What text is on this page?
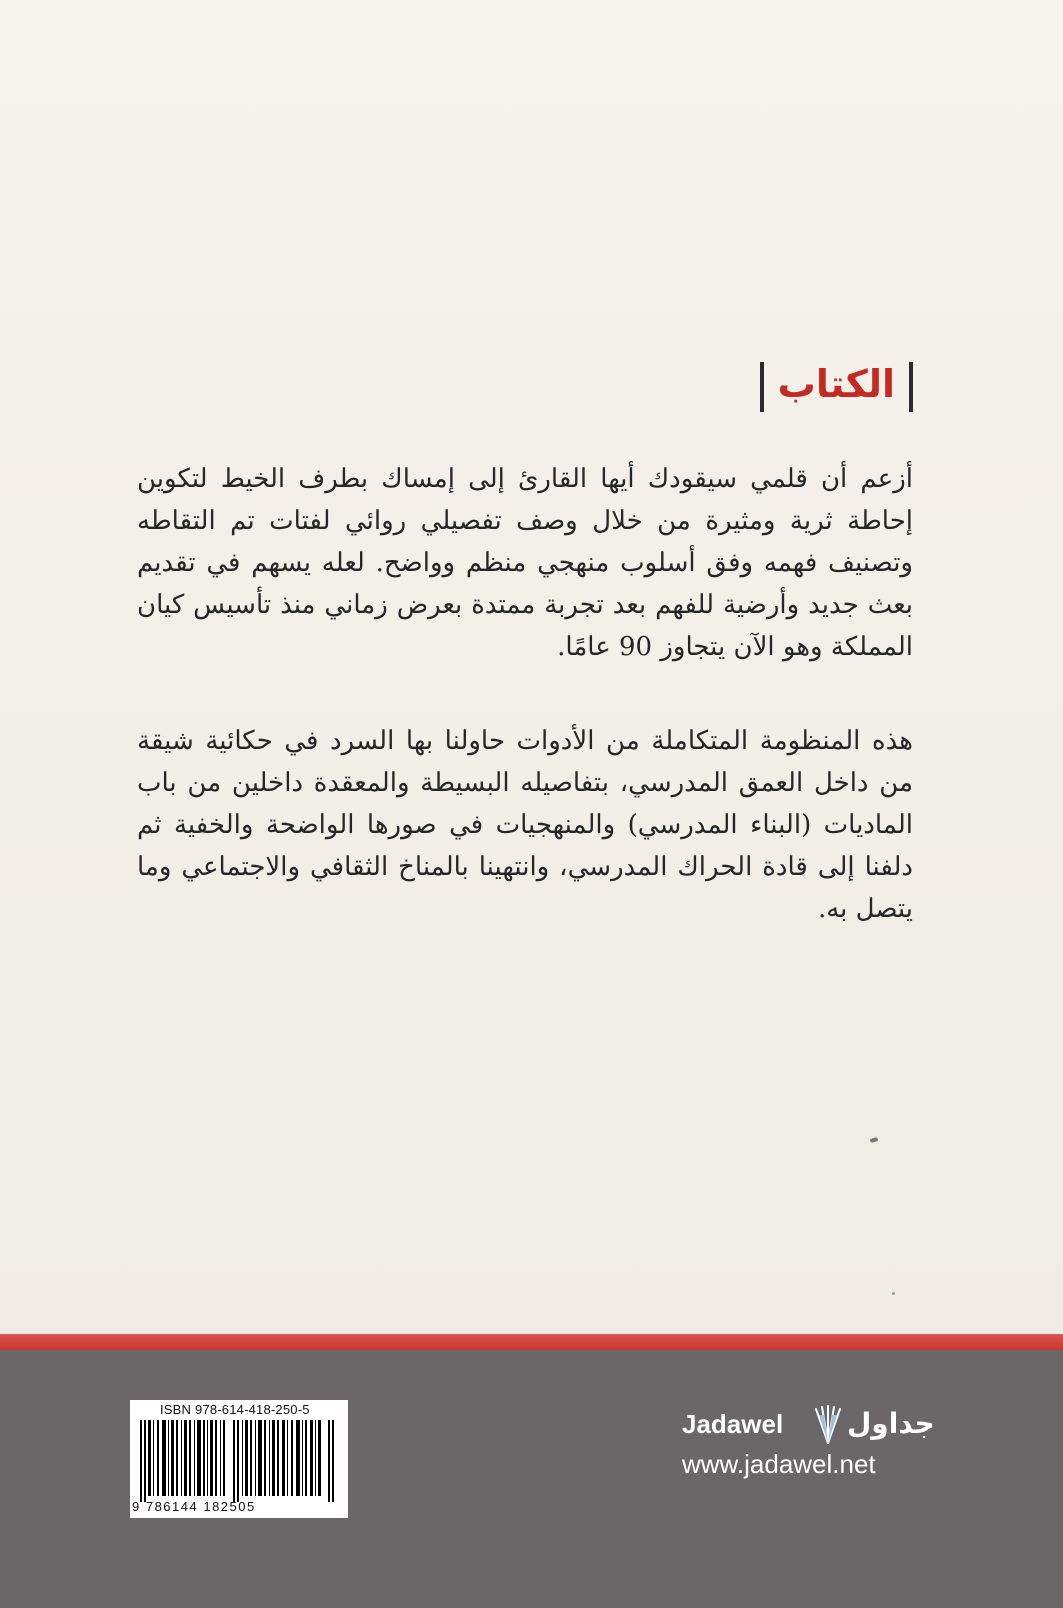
الكتاب

أزعم أن قلمي سيقودك أيها القارئ إلى إمساك بطرف الخيط لتكوين إحاطة ثرية ومثيرة من خلال وصف تفصيلي روائي لفتات تم التقاطه وتصنيف فهمه وفق أسلوب منهجي منظم وواضح. لعله يسهم في تقديم بعث جديد وأرضية للفهم بعد تجربة ممتدة بعرض زماني منذ تأسيس كيان المملكة وهو الآن يتجاوز 90 عامًا.

هذه المنظومة المتكاملة من الأدوات حاولنا بها السرد في حكائية شيقة من داخل العمق المدرسي، بتفاصيله البسيطة والمعقدة داخلين من باب الماديات (البناء المدرسي) والمنهجيات في صورها الواضحة والخفية ثم دلفنا إلى قادة الحراك المدرسي، وانتهينا بالمناخ الثقافي والاجتماعي وما يتصل به.

ISBN 978-614-418-250-5
9 786144 182505
Jadawel جداول
www.jadawel.net
